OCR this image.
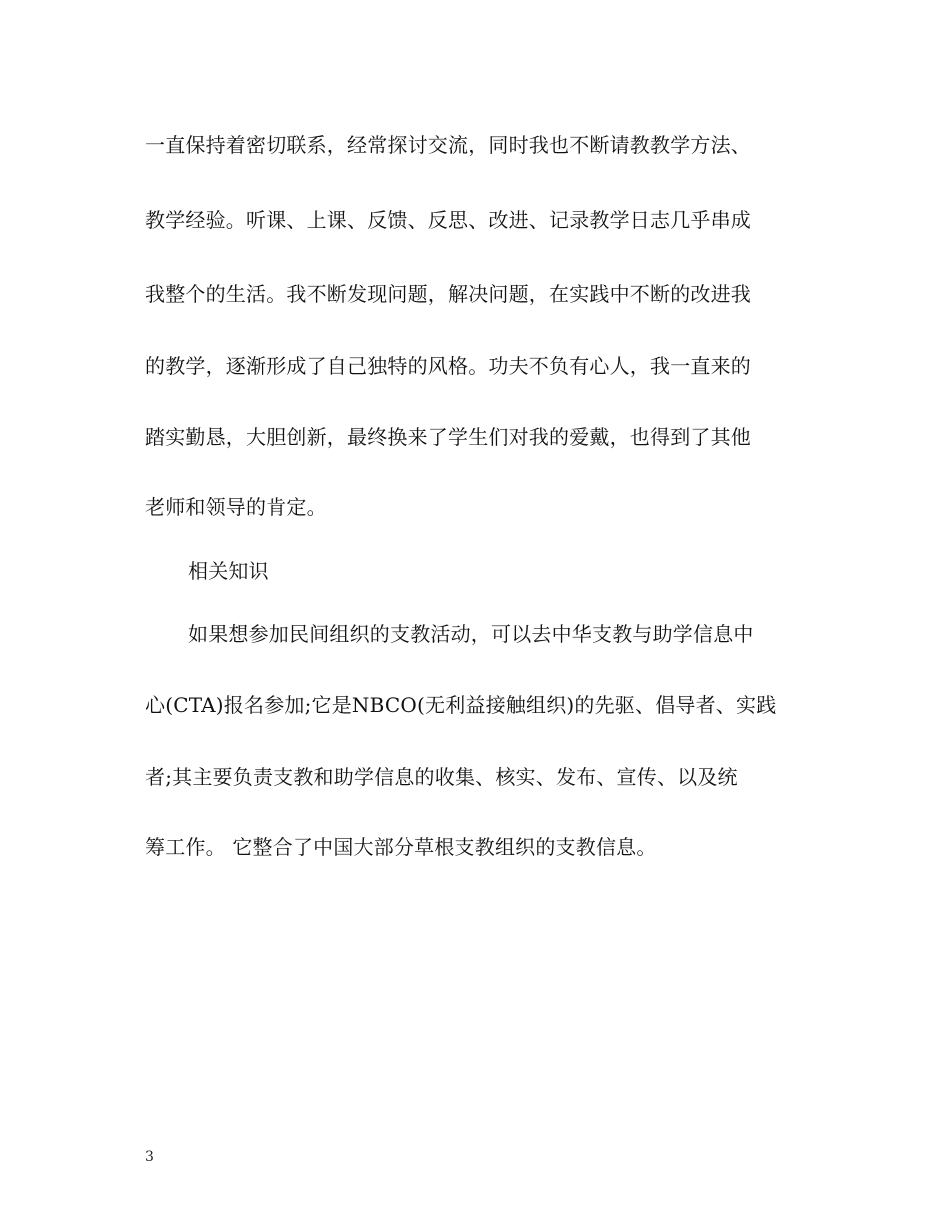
一直保持着密切联系，经常探讨交流，同时我也不断请教教学方法、
教学经验。听课、上课、反馈、反思、改进、记录教学日志几乎串成
我整个的生活。我不断发现问题，解决问题，在实践中不断的改进我
的教学，逐渐形成了自己独特的风格。功夫不负有心人，我一直来的
踏实勤恳，大胆创新，最终换来了学生们对我的爱戴，也得到了其他
老师和领导的肯定。
相关知识
如果想参加民间组织的支教活动，可以去中华支教与助学信息中
心(CTA)报名参加;它是NBCO(无利益接触组织)的先驱、倡导者、实践
者;其主要负责支教和助学信息的收集、核实、发布、宣传、以及统
筹工作。 它整合了中国大部分草根支教组织的支教信息。
3
